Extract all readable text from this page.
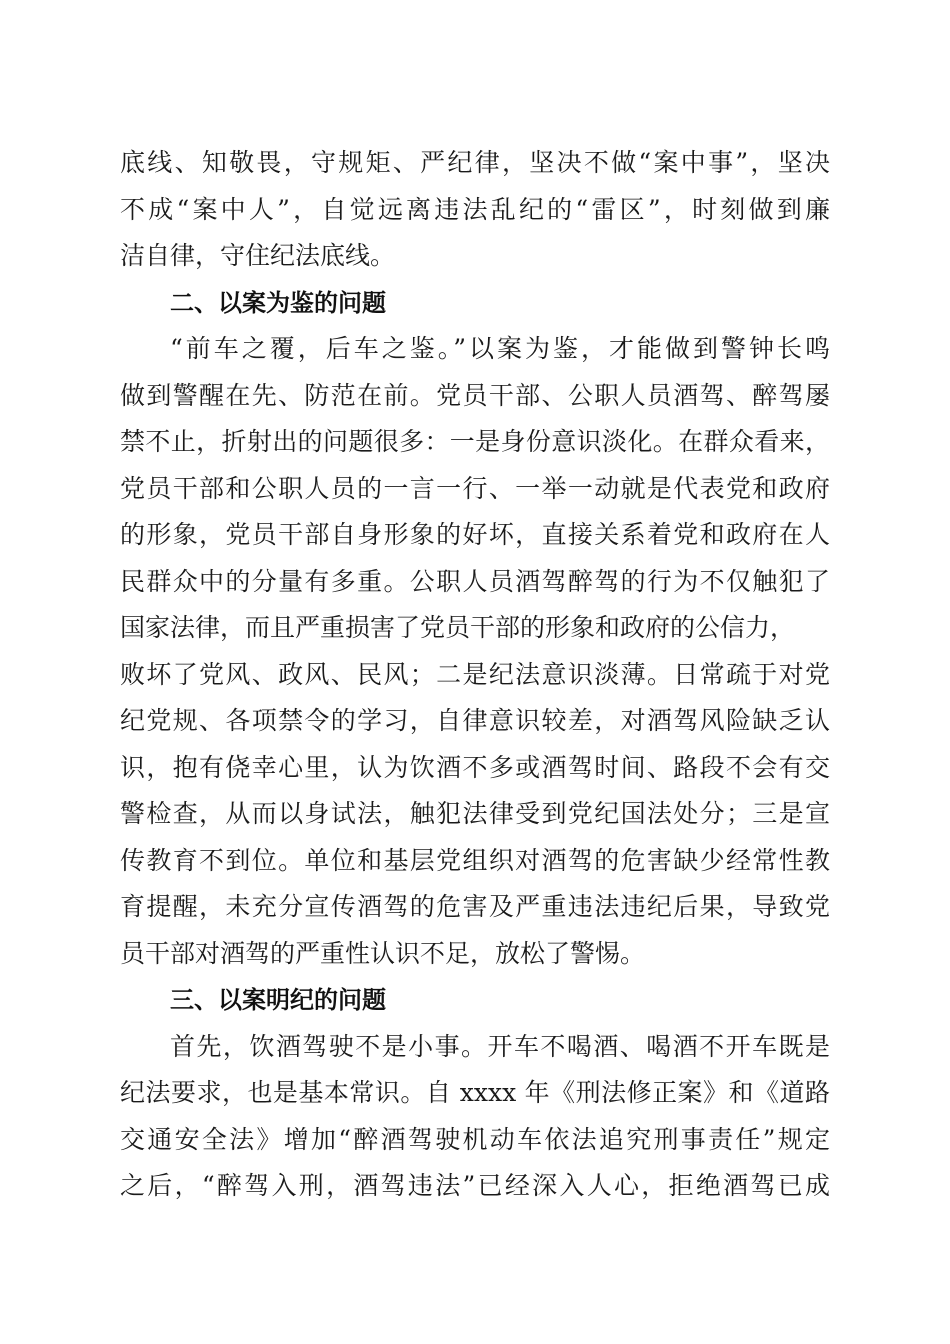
底线、知敬畏，守规矩、严纪律，坚决不做“案中事”，坚决
不成“案中人”，自觉远离违法乱纪的“雷区”，时刻做到廉
洁自律，守住纪法底线。
二、以案为鉴的问题
“前车之覆，后车之鉴。”以案为鉴，才能做到警钟长鸣
做到警醒在先、防范在前。党员干部、公职人员酒驾、醉驾屡
禁不止，折射出的问题很多：一是身份意识淡化。在群众看来，
党员干部和公职人员的一言一行、一举一动就是代表党和政府
的形象，党员干部自身形象的好坏，直接关系着党和政府在人
民群众中的分量有多重。公职人员酒驾醉驾的行为不仅触犯了
国家法律，而且严重损害了党员干部的形象和政府的公信力，
败坏了党风、政风、民风；二是纪法意识淡薄。日常疏于对党
纪党规、各项禁令的学习，自律意识较差，对酒驾风险缺乏认
识，抱有侥幸心里，认为饮酒不多或酒驾时间、路段不会有交
警检查，从而以身试法，触犯法律受到党纪国法处分；三是宣
传教育不到位。单位和基层党组织对酒驾的危害缺少经常性教
育提醒，未充分宣传酒驾的危害及严重违法违纪后果，导致党
员干部对酒驾的严重性认识不足，放松了警惕。
三、以案明纪的问题
首先，饮酒驾驶不是小事。开车不喝酒、喝酒不开车既是
纪法要求，也是基本常识。自 xxxx 年《刑法修正案》和《道路
交通安全法》增加“醉酒驾驶机动车依法追究刑事责任”规定
之后，“醉驾入刑，酒驾违法”已经深入人心，拒绝酒驾已成
